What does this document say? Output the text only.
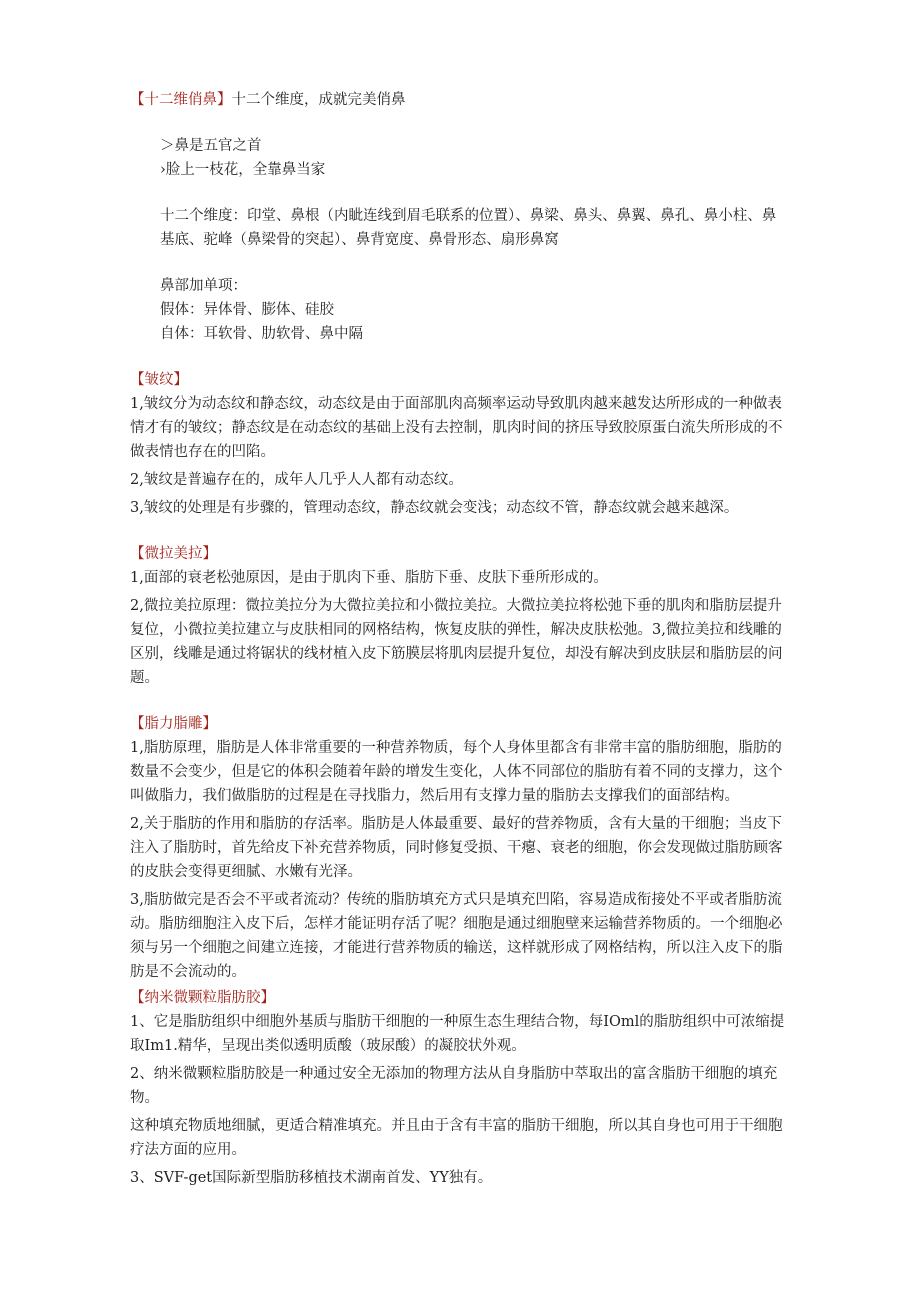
【十二维俏鼻】十二个维度，成就完美俏鼻
＞鼻是五官之首
›脸上一枝花，全靠鼻当家
十二个维度：印堂、鼻根（内眦连线到眉毛联系的位置）、鼻梁、鼻头、鼻翼、鼻孔、鼻小柱、鼻基底、驼峰（鼻梁骨的突起）、鼻背宽度、鼻骨形态、扇形鼻窝
鼻部加单项：
假体：异体骨、膨体、硅胶
自体：耳软骨、肋软骨、鼻中隔
【皱纹】

1,皱纹分为动态纹和静态纹，动态纹是由于面部肌肉高频率运动导致肌肉越来越发达所形成的一种做表情才有的皱纹；静态纹是在动态纹的基础上没有去控制，肌肉时间的挤压导致胶原蛋白流失所形成的不做表情也存在的凹陷。

2,皱纹是普遍存在的，成年人几乎人人都有动态纹。

3,皱纹的处理是有步骤的，管理动态纹，静态纹就会变浅；动态纹不管，静态纹就会越来越深。

【微拉美拉】

1,面部的衰老松弛原因，是由于肌肉下垂、脂肪下垂、皮肤下垂所形成的。

2,微拉美拉原理：微拉美拉分为大微拉美拉和小微拉美拉。大微拉美拉将松弛下垂的肌肉和脂肪层提升复位，小微拉美拉建立与皮肤相同的网格结构，恢复皮肤的弹性，解决皮肤松弛。3,微拉美拉和线雕的区别，线雕是通过将锯状的线材植入皮下筋膜层将肌肉层提升复位，却没有解决到皮肤层和脂肪层的问题。

【脂力脂雕】

1,脂肪原理，脂肪是人体非常重要的一种营养物质，每个人身体里都含有非常丰富的脂肪细胞，脂肪的数量不会变少，但是它的体积会随着年龄的增发生变化，人体不同部位的脂肪有着不同的支撑力，这个叫做脂力，我们做脂肪的过程是在寻找脂力，然后用有支撑力量的脂肪去支撑我们的面部结构。

2,关于脂肪的作用和脂肪的存活率。脂肪是人体最重要、最好的营养物质，含有大量的干细胞；当皮下注入了脂肪时，首先给皮下补充营养物质，同时修复受损、干瘪、衰老的细胞，你会发现做过脂肪顾客的皮肤会变得更细腻、水嫩有光泽。

3,脂肪做完是否会不平或者流动？传统的脂肪填充方式只是填充凹陷，容易造成衔接处不平或者脂肪流动。脂肪细胞注入皮下后，怎样才能证明存活了呢？细胞是通过细胞壁来运输营养物质的。一个细胞必须与另一个细胞之间建立连接，才能进行营养物质的输送，这样就形成了网格结构，所以注入皮下的脂肪是不会流动的。

【纳米微颗粒脂肪胶】

1、它是脂肪组织中细胞外基质与脂肪干细胞的一种原生态生理结合物，每IOml的脂肪组织中可浓缩提取Im1.精华，呈现出类似透明质酸（玻尿酸）的凝胶状外观。

2、纳米微颗粒脂肪胶是一种通过安全无添加的物理方法从自身脂肪中萃取出的富含脂肪干细胞的填充物。

这种填充物质地细腻，更适合精准填充。并且由于含有丰富的脂肪干细胞，所以其自身也可用于干细胞疗法方面的应用。

3、SVF-get国际新型脂肪移植技术湖南首发、YY独有。
